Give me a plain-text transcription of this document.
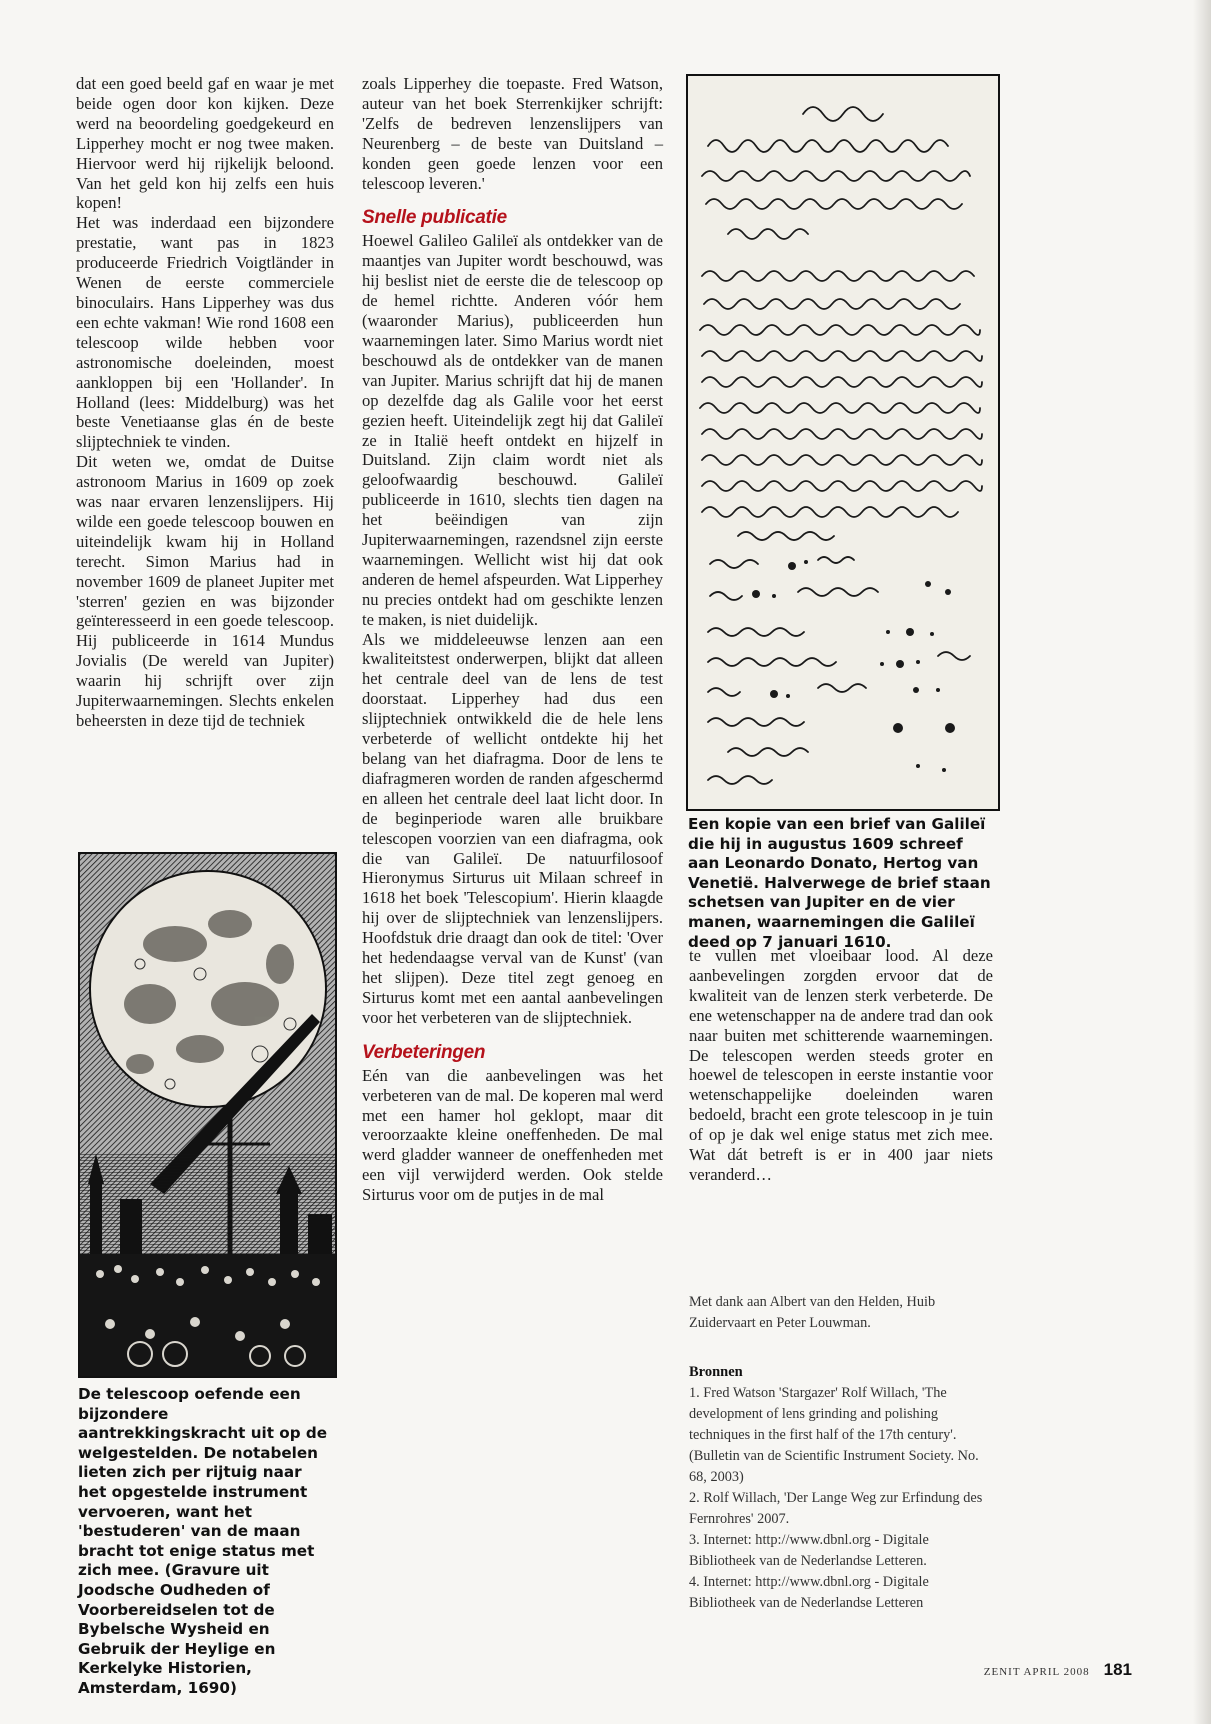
dat een goed beeld gaf en waar je met beide ogen door kon kijken. Deze werd na beoordeling goedgekeurd en Lipperhey mocht er nog twee maken. Hiervoor werd hij rijkelijk beloond. Van het geld kon hij zelfs een huis kopen!

Het was inderdaad een bijzondere prestatie, want pas in 1823 produceerde Friedrich Voigtländer in Wenen de eerste commerciele binoculairs. Hans Lipperhey was dus een echte vakman! Wie rond 1608 een telescoop wilde hebben voor astronomische doeleinden, moest aankloppen bij een 'Hollander'. In Holland (lees: Middelburg) was het beste Venetiaanse glas én de beste slijptechniek te vinden.

Dit weten we, omdat de Duitse astronoom Marius in 1609 op zoek was naar ervaren lenzenslijpers. Hij wilde een goede telescoop bouwen en uiteindelijk kwam hij in Holland terecht. Simon Marius had in november 1609 de planeet Jupiter met 'sterren' gezien en was bijzonder geïnteresseerd in een goede telescoop. Hij publiceerde in 1614 Mundus Jovialis (De wereld van Jupiter) waarin hij schrijft over zijn Jupiterwaarnemingen. Slechts enkelen beheersten in deze tijd de techniek

De telescoop oefende een bijzondere aantrekkingskracht uit op de welgestelden. De notabelen lieten zich per rijtuig naar het opgestelde instrument vervoeren, want het 'bestuderen' van de maan bracht tot enige status met zich mee. (Gravure uit Joodsche Oudheden of Voorbereidselen tot de Bybelsche Wysheid en Gebruik der Heylige en Kerkelyke Historien, Amsterdam, 1690)

zoals Lipperhey die toepaste. Fred Watson, auteur van het boek Sterrenkijker schrijft: 'Zelfs de bedreven lenzenslijpers van Neurenberg – de beste van Duitsland – konden geen goede lenzen voor een telescoop leveren.'

Snelle publicatie

Hoewel Galileo Galileï als ontdekker van de maantjes van Jupiter wordt beschouwd, was hij beslist niet de eerste die de telescoop op de hemel richtte. Anderen vóór hem (waaronder Marius), publiceerden hun waarnemingen later. Simo Marius wordt niet beschouwd als de ontdekker van de manen van Jupiter. Marius schrijft dat hij de manen op dezelfde dag als Galile voor het eerst gezien heeft. Uiteindelijk zegt hij dat Galileï ze in Italië heeft ontdekt en hijzelf in Duitsland. Zijn claim wordt niet als geloofwaardig beschouwd. Galileï publiceerde in 1610, slechts tien dagen na het beëindigen van zijn Jupiterwaarnemingen, razendsnel zijn eerste waarnemingen. Wellicht wist hij dat ook anderen de hemel afspeurden. Wat Lipperhey nu precies ontdekt had om geschikte lenzen te maken, is niet duidelijk.

Als we middeleeuwse lenzen aan een kwaliteitstest onderwerpen, blijkt dat alleen het centrale deel van de lens de test doorstaat. Lipperhey had dus een slijptechniek ontwikkeld die de hele lens verbeterde of wellicht ontdekte hij het belang van het diafragma. Door de lens te diafragmeren worden de randen afgeschermd en alleen het centrale deel laat licht door. In de beginperiode waren alle bruikbare telescopen voorzien van een diafragma, ook die van Galileï. De natuurfilosoof Hieronymus Sirturus uit Milaan schreef in 1618 het boek 'Telescopium'. Hierin klaagde hij over de slijptechniek van lenzenslijpers. Hoofdstuk drie draagt dan ook de titel: 'Over het hedendaagse verval van de Kunst' (van het slijpen). Deze titel zegt genoeg en Sirturus komt met een aantal aanbevelingen voor het verbeteren van de slijptechniek.

Verbeteringen

Eén van die aanbevelingen was het verbeteren van de mal. De koperen mal werd met een hamer hol geklopt, maar dit veroorzaakte kleine oneffenheden. De mal werd gladder wanneer de oneffenheden met een vijl verwijderd werden. Ook stelde Sirturus voor om de putjes in de mal

Een kopie van een brief van Galileï die hij in augustus 1609 schreef aan Leonardo Donato, Hertog van Venetië. Halverwege de brief staan schetsen van Jupiter en de vier manen, waarnemingen die Galileï deed op 7 januari 1610.

te vullen met vloeibaar lood. Al deze aanbevelingen zorgden ervoor dat de kwaliteit van de lenzen sterk verbeterde. De ene wetenschapper na de andere trad dan ook naar buiten met schitterende waarnemingen. De telescopen werden steeds groter en hoewel de telescopen in eerste instantie voor wetenschappelijke doeleinden waren bedoeld, bracht een grote telescoop in je tuin of op je dak wel enige status met zich mee. Wat dát betreft is er in 400 jaar niets veranderd…

Met dank aan Albert van den Helden, Huib Zuidervaart en Peter Louwman.
Bronnen
1. Fred Watson 'Stargazer' Rolf Willach, 'The development of lens grinding and polishing techniques in the first half of the 17th century'. (Bulletin van de Scientific Instrument Society. No. 68, 2003)
2. Rolf Willach, 'Der Lange Weg zur Erfindung des Fernrohres' 2007.
3. Internet: http://www.dbnl.org - Digitale Bibliotheek van de Nederlandse Letteren.
4. Internet: http://www.dbnl.org - Digitale Bibliotheek van de Nederlandse Letteren
ZENIT APRIL 2008 181
